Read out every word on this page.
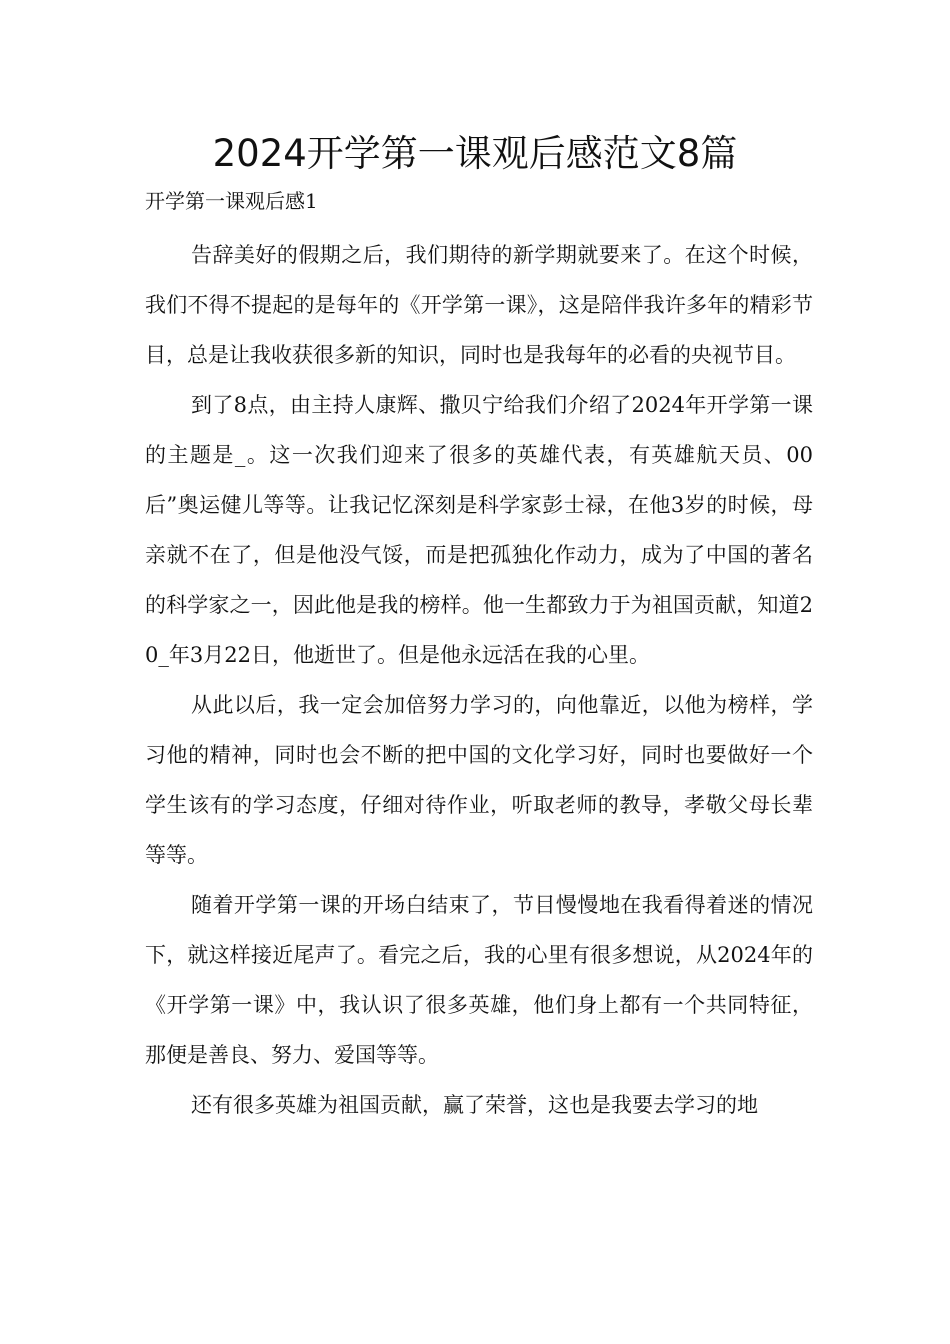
2024开学第一课观后感范文8篇

开学第一课观后感1

告辞美好的假期之后，我们期待的新学期就要来了。在这个时候，我们不得不提起的是每年的《开学第一课》，这是陪伴我许多年的精彩节目，总是让我收获很多新的知识，同时也是我每年的必看的央视节目。

到了8点，由主持人康辉、撒贝宁给我们介绍了2024年开学第一课的主题是_。这一次我们迎来了很多的英雄代表，有英雄航天员、00后”奥运健儿等等。让我记忆深刻是科学家彭士禄，在他3岁的时候，母亲就不在了，但是他没气馁，而是把孤独化作动力，成为了中国的著名的科学家之一，因此他是我的榜样。他一生都致力于为祖国贡献，知道20_年3月22日，他逝世了。但是他永远活在我的心里。

从此以后，我一定会加倍努力学习的，向他靠近，以他为榜样，学习他的精神，同时也会不断的把中国的文化学习好，同时也要做好一个学生该有的学习态度，仔细对待作业，听取老师的教导，孝敬父母长辈等等。

随着开学第一课的开场白结束了，节目慢慢地在我看得着迷的情况下，就这样接近尾声了。看完之后，我的心里有很多想说，从2024年的《开学第一课》中，我认识了很多英雄，他们身上都有一个共同特征，那便是善良、努力、爱国等等。

还有很多英雄为祖国贡献，赢了荣誉，这也是我要去学习的地
